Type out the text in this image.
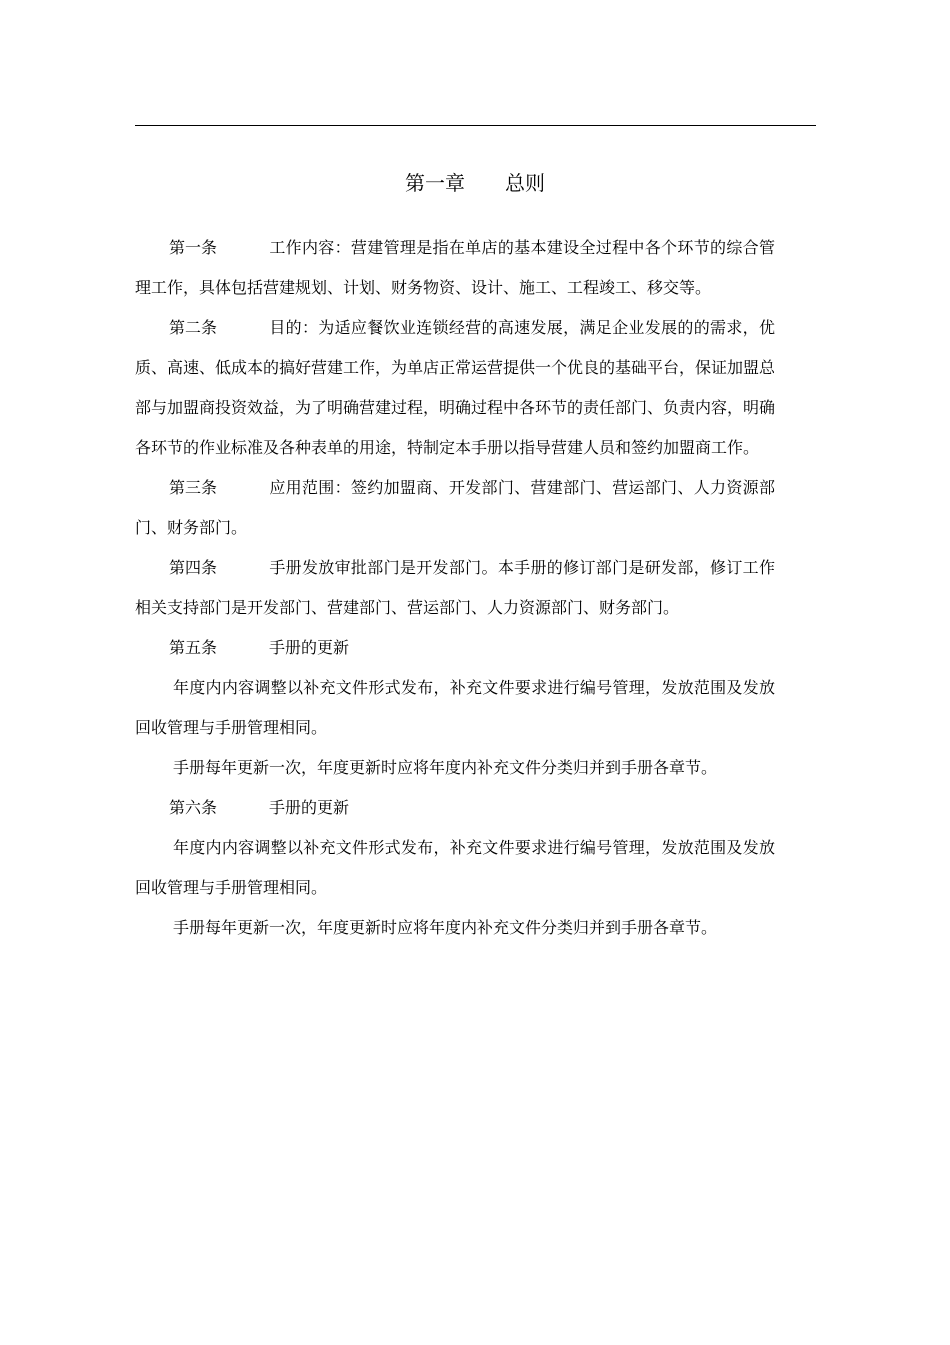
第一章　　总则

第一条	工作内容：营建管理是指在单店的基本建设全过程中各个环节的综合管理工作，具体包括营建规划、计划、财务物资、设计、施工、工程竣工、移交等。

第二条	目的：为适应餐饮业连锁经营的高速发展，满足企业发展的的需求，优质、高速、低成本的搞好营建工作，为单店正常运营提供一个优良的基础平台，保证加盟总部与加盟商投资效益，为了明确营建过程，明确过程中各环节的责任部门、负责内容，明确各环节的作业标准及各种表单的用途，特制定本手册以指导营建人员和签约加盟商工作。

第三条	应用范围：签约加盟商、开发部门、营建部门、营运部门、人力资源部门、财务部门。

第四条	手册发放审批部门是开发部门。本手册的修订部门是研发部，修订工作相关支持部门是开发部门、营建部门、营运部门、人力资源部门、财务部门。

第五条	手册的更新

年度内内容调整以补充文件形式发布，补充文件要求进行编号管理，发放范围及发放回收管理与手册管理相同。

手册每年更新一次，年度更新时应将年度内补充文件分类归并到手册各章节。

第六条	手册的更新

年度内内容调整以补充文件形式发布，补充文件要求进行编号管理，发放范围及发放回收管理与手册管理相同。

手册每年更新一次，年度更新时应将年度内补充文件分类归并到手册各章节。
